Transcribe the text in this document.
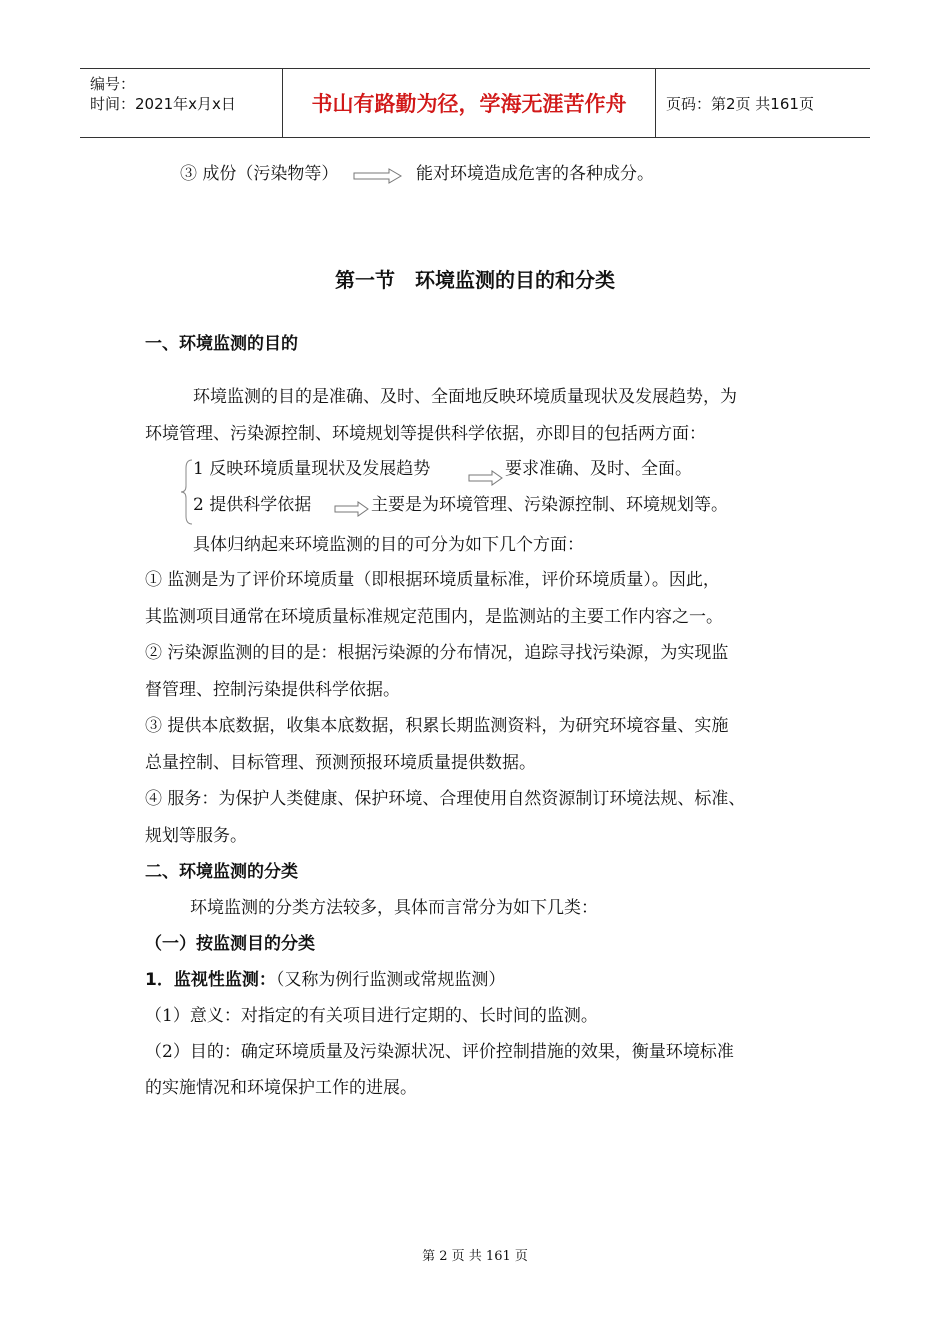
编号：
时间：2021年x月x日	书山有路勤为径，学海无涯苦作舟	页码：第2页 共161页
③ 成份（污染物等）	能对环境造成危害的各种成分。
第一节　环境监测的目的和分类
一、环境监测的目的
环境监测的目的是准确、及时、全面地反映环境质量现状及发展趋势，为
环境管理、污染源控制、环境规划等提供科学依据，亦即目的包括两方面：
1 反映环境质量现状及发展趋势	要求准确、及时、全面。
2 提供科学依据	主要是为环境管理、污染源控制、环境规划等。
具体归纳起来环境监测的目的可分为如下几个方面：
① 监测是为了评价环境质量（即根据环境质量标准，评价环境质量）。因此，
其监测项目通常在环境质量标准规定范围内，是监测站的主要工作内容之一。
② 污染源监测的目的是：根据污染源的分布情况，追踪寻找污染源，为实现监
督管理、控制污染提供科学依据。
③ 提供本底数据，收集本底数据，积累长期监测资料，为研究环境容量、实施
总量控制、目标管理、预测预报环境质量提供数据。
④ 服务：为保护人类健康、保护环境、合理使用自然资源制订环境法规、标准、
规划等服务。
二、环境监测的分类
环境监测的分类方法较多，具体而言常分为如下几类：
（一）按监测目的分类
1．监视性监测：（又称为例行监测或常规监测）
（1）意义：对指定的有关项目进行定期的、长时间的监测。
（2）目的：确定环境质量及污染源状况、评价控制措施的效果，衡量环境标准
的实施情况和环境保护工作的进展。
第 2 页 共 161 页
